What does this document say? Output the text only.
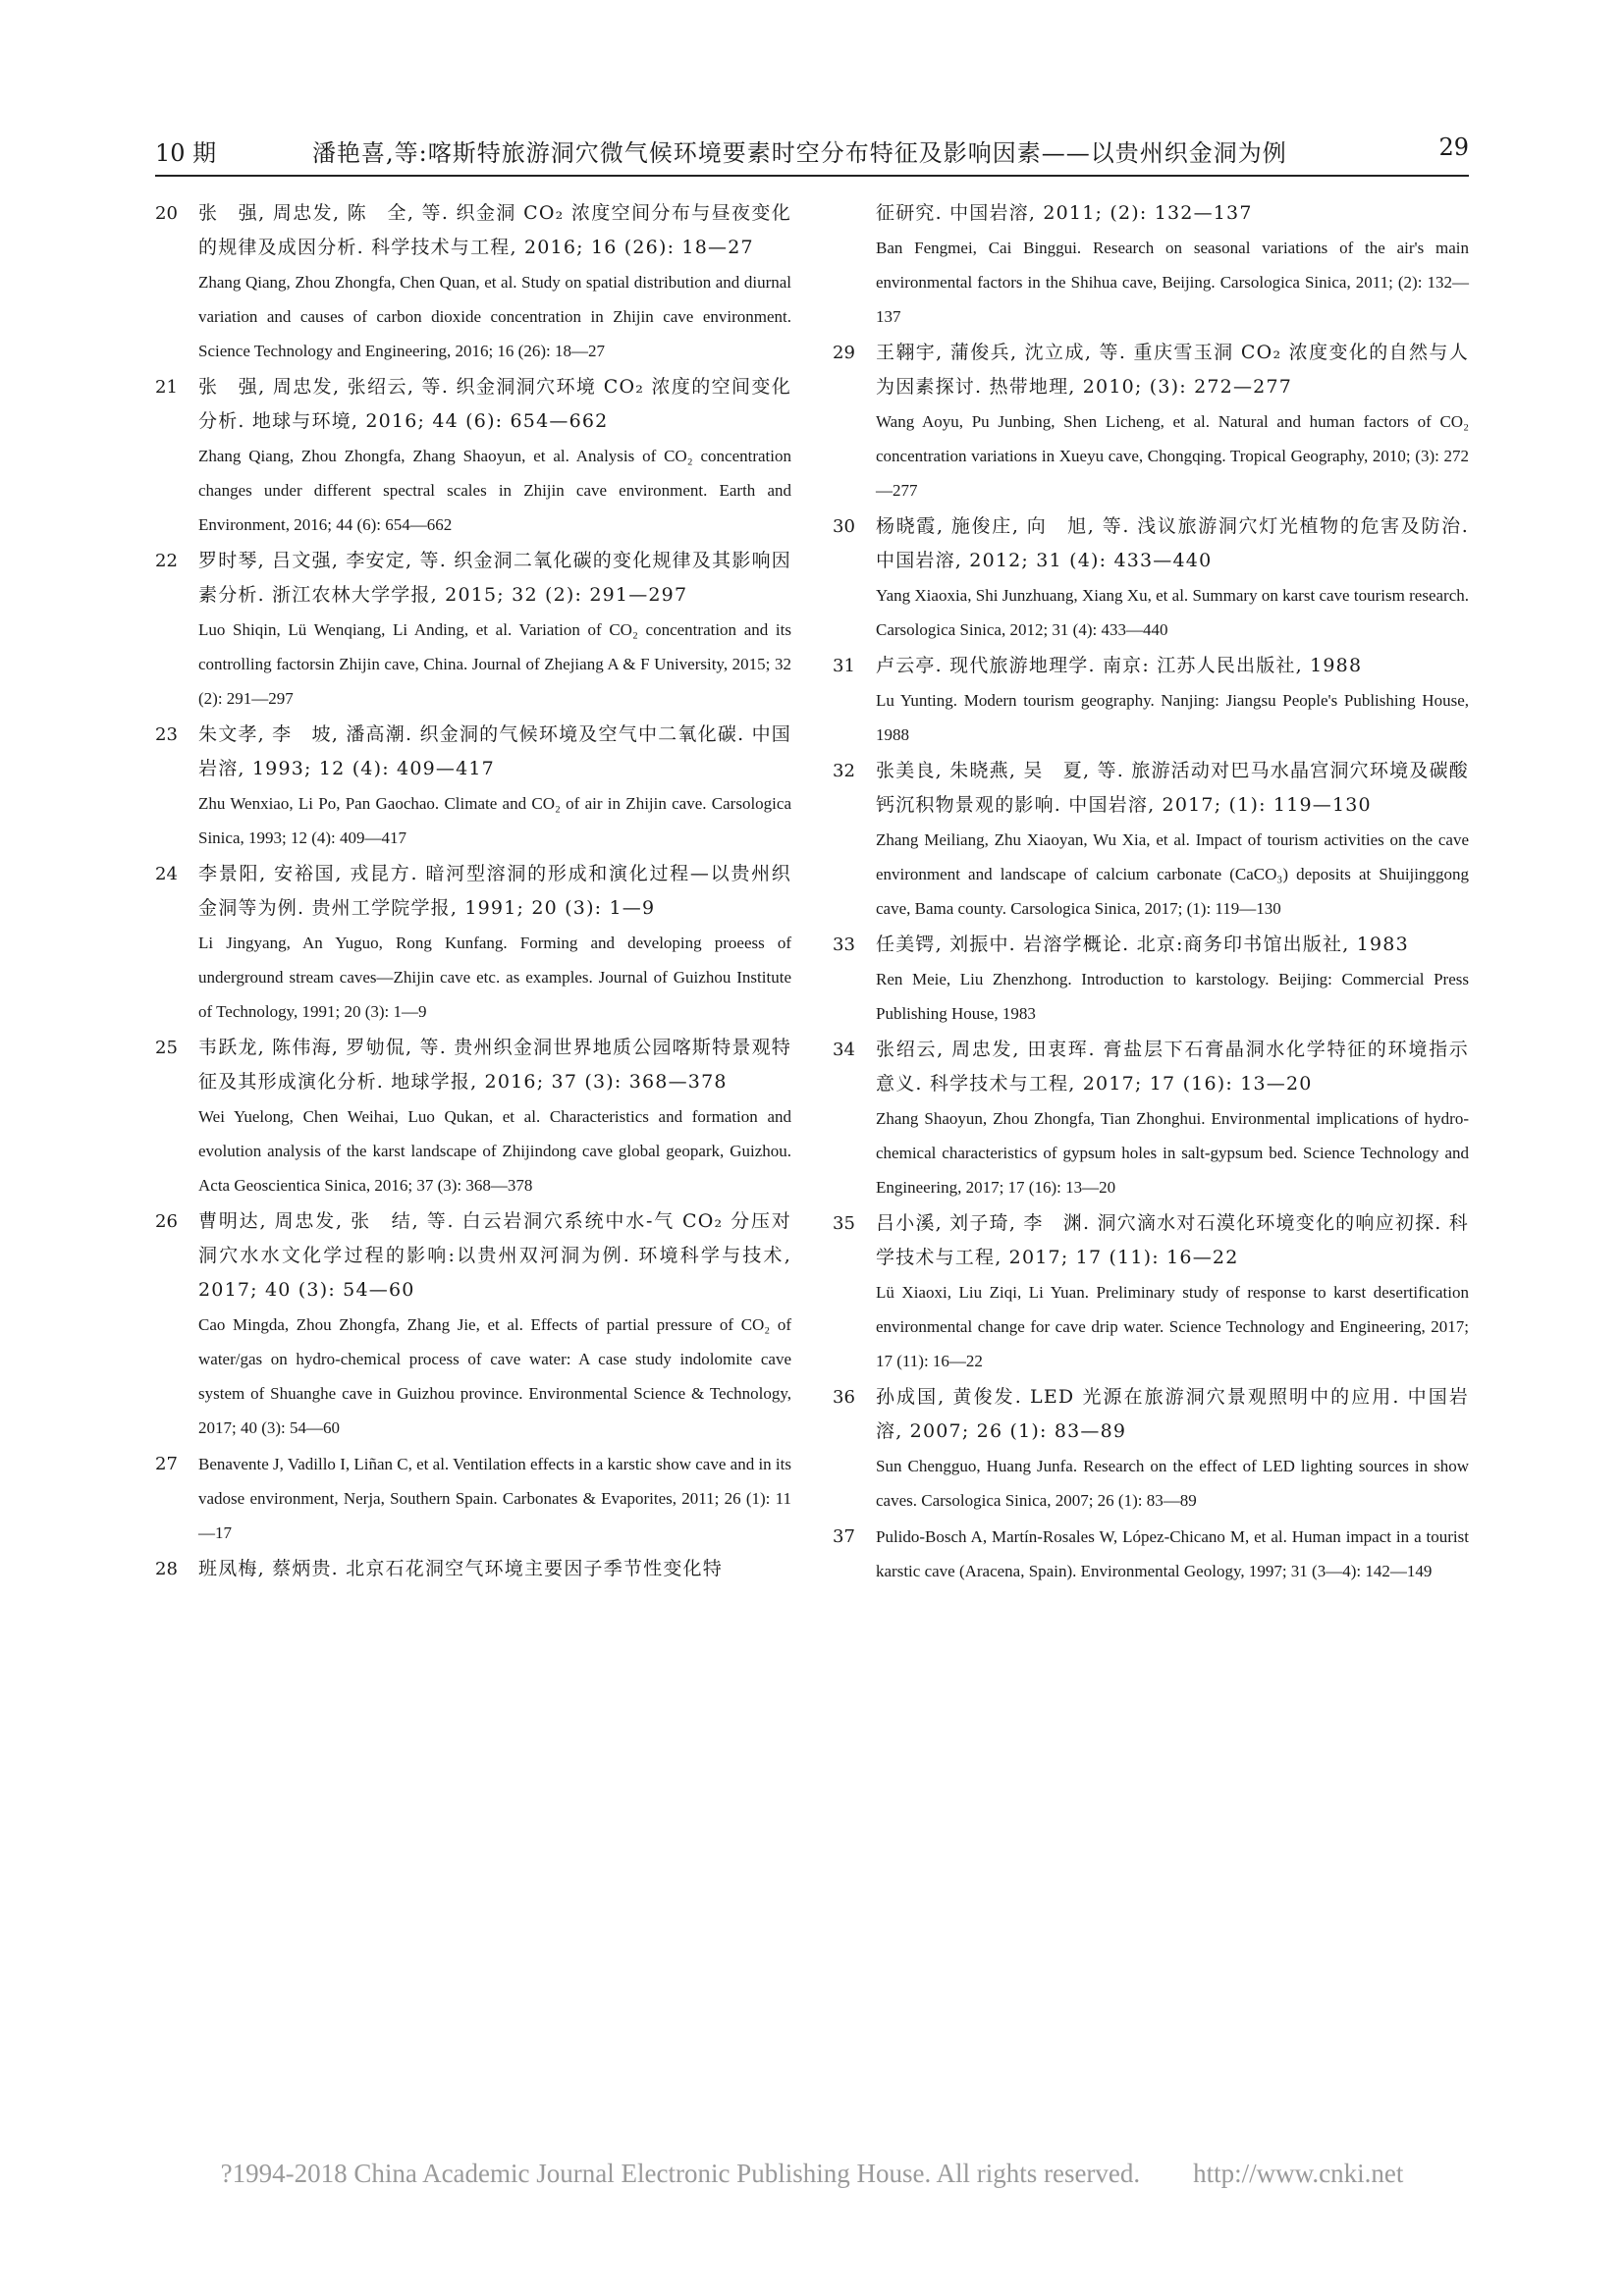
10 期	潘艳喜,等:喀斯特旅游洞穴微气候环境要素时空分布特征及影响因素——以贵州织金洞为例	29
20 张　强, 周忠发, 陈　全, 等. 织金洞 CO₂ 浓度空间分布与昼夜变化的规律及成因分析. 科学技术与工程, 2016; 16 (26): 18—27
Zhang Qiang, Zhou Zhongfa, Chen Quan, et al. Study on spatial distribution and diurnal variation and causes of carbon dioxide concentration in Zhijin cave environment. Science Technology and Engineering, 2016; 16 (26): 18—27
21 张　强, 周忠发, 张绍云, 等. 织金洞洞穴环境 CO₂ 浓度的空间变化分析. 地球与环境, 2016; 44 (6): 654—662
Zhang Qiang, Zhou Zhongfa, Zhang Shaoyun, et al. Analysis of CO₂ concentration changes under different spectral scales in Zhijin cave environment. Earth and Environment, 2016; 44 (6): 654—662
22 罗时琴, 吕文强, 李安定, 等. 织金洞二氧化碳的变化规律及其影响因素分析. 浙江农林大学学报, 2015; 32 (2): 291—297
Luo Shiqin, Lü Wenqiang, Li Anding, et al. Variation of CO₂ concentration and its controlling factorsin Zhijin cave, China. Journal of Zhejiang A & F University, 2015; 32 (2): 291—297
23 朱文孝, 李　坡, 潘高潮. 织金洞的气候环境及空气中二氧化碳. 中国岩溶, 1993; 12 (4): 409—417
Zhu Wenxiao, Li Po, Pan Gaochao. Climate and CO₂ of air in Zhijin cave. Carsologica Sinica, 1993; 12 (4): 409—417
24 李景阳, 安裕国, 戎昆方. 暗河型溶洞的形成和演化过程—以贵州织金洞等为例. 贵州工学院学报, 1991; 20 (3): 1—9
Li Jingyang, An Yuguo, Rong Kunfang. Forming and developing proeess of underground stream caves—Zhijin cave etc. as examples. Journal of Guizhou Institute of Technology, 1991; 20 (3): 1—9
25 韦跃龙, 陈伟海, 罗劬侃, 等. 贵州织金洞世界地质公园喀斯特景观特征及其形成演化分析. 地球学报, 2016; 37 (3): 368—378
Wei Yuelong, Chen Weihai, Luo Qukan, et al. Characteristics and formation and evolution analysis of the karst landscape of Zhijindong cave global geopark, Guizhou. Acta Geoscientica Sinica, 2016; 37 (3): 368—378
26 曹明达, 周忠发, 张　结, 等. 白云岩洞穴系统中水-气 CO₂ 分压对洞穴水水文化学过程的影响:以贵州双河洞为例. 环境科学与技术, 2017; 40 (3): 54—60
Cao Mingda, Zhou Zhongfa, Zhang Jie, et al. Effects of partial pressure of CO₂ of water/gas on hydro-chemical process of cave water: A case study indolomite cave system of Shuanghe cave in Guizhou province. Environmental Science & Technology, 2017; 40 (3): 54—60
27 Benavente J, Vadillo I, Liñan C, et al. Ventilation effects in a karstic show cave and in its vadose environment, Nerja, Southern Spain. Carbonates & Evaporites, 2011; 26 (1): 11—17
28 班凤梅, 蔡炳贵. 北京石花洞空气环境主要因子季节性变化特
征研究. 中国岩溶, 2011; (2): 132—137
Ban Fengmei, Cai Binggui. Research on seasonal variations of the air's main environmental factors in the Shihua cave, Beijing. Carsologica Sinica, 2011; (2): 132—137
29 王翱宇, 蒲俊兵, 沈立成, 等. 重庆雪玉洞 CO₂ 浓度变化的自然与人为因素探讨. 热带地理, 2010; (3): 272—277
Wang Aoyu, Pu Junbing, Shen Licheng, et al. Natural and human factors of CO₂ concentration variations in Xueyu cave, Chongqing. Tropical Geography, 2010; (3): 272—277
30 杨晓霞, 施俊庄, 向　旭, 等. 浅议旅游洞穴灯光植物的危害及防治. 中国岩溶, 2012; 31 (4): 433—440
Yang Xiaoxia, Shi Junzhuang, Xiang Xu, et al. Summary on karst cave tourism research. Carsologica Sinica, 2012; 31 (4): 433—440
31 卢云亭. 现代旅游地理学. 南京: 江苏人民出版社, 1988
Lu Yunting. Modern tourism geography. Nanjing: Jiangsu People's Publishing House, 1988
32 张美良, 朱晓燕, 吴　夏, 等. 旅游活动对巴马水晶宫洞穴环境及碳酸钙沉积物景观的影响. 中国岩溶, 2017; (1): 119—130
Zhang Meiliang, Zhu Xiaoyan, Wu Xia, et al. Impact of tourism activities on the cave environment and landscape of calcium carbonate (CaCO₃) deposits at Shuijinggong cave, Bama county. Carsologica Sinica, 2017; (1): 119—130
33 任美锷, 刘振中. 岩溶学概论. 北京:商务印书馆出版社, 1983
Ren Meie, Liu Zhenzhong. Introduction to karstology. Beijing: Commercial Press Publishing House, 1983
34 张绍云, 周忠发, 田衷珲. 膏盐层下石膏晶洞水化学特征的环境指示意义. 科学技术与工程, 2017; 17 (16): 13—20
Zhang Shaoyun, Zhou Zhongfa, Tian Zhonghui. Environmental implications of hydro-chemical characteristics of gypsum holes in salt-gypsum bed. Science Technology and Engineering, 2017; 17 (16): 13—20
35 吕小溪, 刘子琦, 李　渊. 洞穴滴水对石漠化环境变化的响应初探. 科学技术与工程, 2017; 17 (11): 16—22
Lü Xiaoxi, Liu Ziqi, Li Yuan. Preliminary study of response to karst desertification environmental change for cave drip water. Science Technology and Engineering, 2017; 17 (11): 16—22
36 孙成国, 黄俊发. LED 光源在旅游洞穴景观照明中的应用. 中国岩溶, 2007; 26 (1): 83—89
Sun Chengguo, Huang Junfa. Research on the effect of LED lighting sources in show caves. Carsologica Sinica, 2007; 26 (1): 83—89
37 Pulido-Bosch A, Martín-Rosales W, López-Chicano M, et al. Human impact in a tourist karstic cave (Aracena, Spain). Environmental Geology, 1997; 31 (3—4): 142—149
?1994-2018 China Academic Journal Electronic Publishing House. All rights reserved.　　http://www.cnki.net
